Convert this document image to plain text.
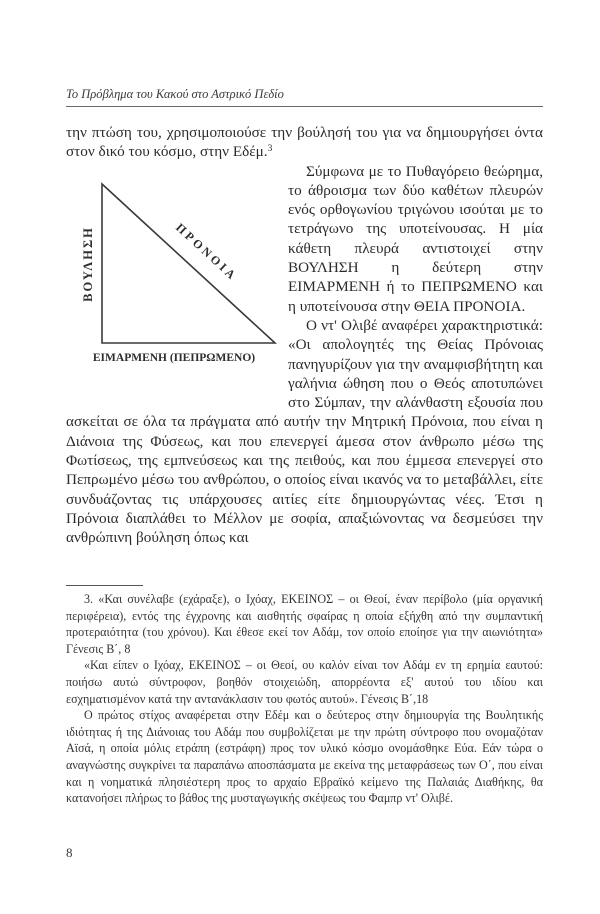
Το Πρόβλημα του Κακού στο Αστρικό Πεδίο

την πτώση του, χρησιμοποιούσε την βούλησή του για να δημιουργήσει όντα στον δικό του κόσμο, στην Εδέμ.$^3$

ΒΟΥΛΗΣΗ	ΠΡΟΝΟΙΑ
ΕΙΜΑΡΜΕΝΗ (ΠΕΠΡΩΜΕΝΟ)

Σύμφωνα με το Πυθαγόρειο θεώρημα, το άθροισμα των δύο καθέτων πλευρών ενός ορθογωνίου τριγώνου ισούται με το τετράγωνο της υποτείνουσας. Η μία κάθετη πλευρά αντιστοιχεί στην ΒΟΥΛΗΣΗ η δεύτερη στην ΕΙΜΑΡΜΕΝΗ ή το ΠΕΠΡΩΜΕΝΟ και η υποτείνουσα στην ΘΕΙΑ ΠΡΟΝΟΙΑ.

Ο ντ' Ολιβέ αναφέρει χαρακτηριστικά: «Οι απολογητές της Θείας Πρόνοιας πανηγυρίζουν για την αναμφισβήτητη και γαλήνια ώθηση που ο Θεός αποτυπώνει στο Σύμπαν, την αλάνθαστη εξουσία που ασκείται σε όλα τα πράγματα από αυτήν την Μητρική Πρόνοια, που είναι η Διάνοια της Φύσεως, και που επενεργεί άμεσα στον άνθρωπο μέσω της Φωτίσεως, της εμπνεύσεως και της πειθούς, και που έμμεσα επενεργεί στο Πεπρωμένο μέσω του ανθρώπου, ο οποίος είναι ικανός να το μεταβάλλει, είτε συνδυάζοντας τις υπάρχουσες αιτίες είτε δημιουργώντας νέες. Έτσι η Πρόνοια διαπλάθει το Μέλλον με σοφία, απαξιώνοντας να δεσμεύσει την ανθρώπινη βούληση όπως και

3. «Και συνέλαβε (εχάραξε), ο Ιχόαχ, ΕΚΕΙΝΟΣ – οι Θεοί, έναν περίβολο (μία οργανική περιφέρεια), εντός της έγχρονης και αισθητής σφαίρας η οποία εξήχθη από την συμπαντική προτεραιότητα (του χρόνου). Και έθεσε εκεί τον Αδάμ, τον οποίο εποίησε για την αιωνιότητα» Γένεσις Β΄, 8

«Και είπεν ο Ιχόαχ, ΕΚΕΙΝΟΣ – οι Θεοί, ου καλόν είναι τον Αδάμ εν τη ερημία εαυτού: ποιήσω αυτώ σύντροφον, βοηθόν στοιχειώδη, απορρέοντα εξ' αυτού του ιδίου και εσχηματισμένον κατά την αντανάκλασιν του φωτός αυτού». Γένεσις Β΄,18

Ο πρώτος στίχος αναφέρεται στην Εδέμ και ο δεύτερος στην δημιουργία της Βουλητικής ιδιότητας ή της Διάνοιας του Αδάμ που συμβολίζεται με την πρώτη σύντροφο που ονομαζόταν Αϊσά, η οποία μόλις ετράπη (εστράφη) προς τον υλικό κόσμο ονομάσθηκε Εύα. Εάν τώρα ο αναγνώστης συγκρίνει τα παραπάνω αποσπάσματα με εκείνα της μεταφράσεως των Ο΄, που είναι και η νοηματικά πλησιέστερη προς το αρχαίο Εβραϊκό κείμενο της Παλαιάς Διαθήκης, θα κατανοήσει πλήρως το βάθος της μυσταγωγικής σκέψεως του Φαμπρ ντ' Ολιβέ.

8
